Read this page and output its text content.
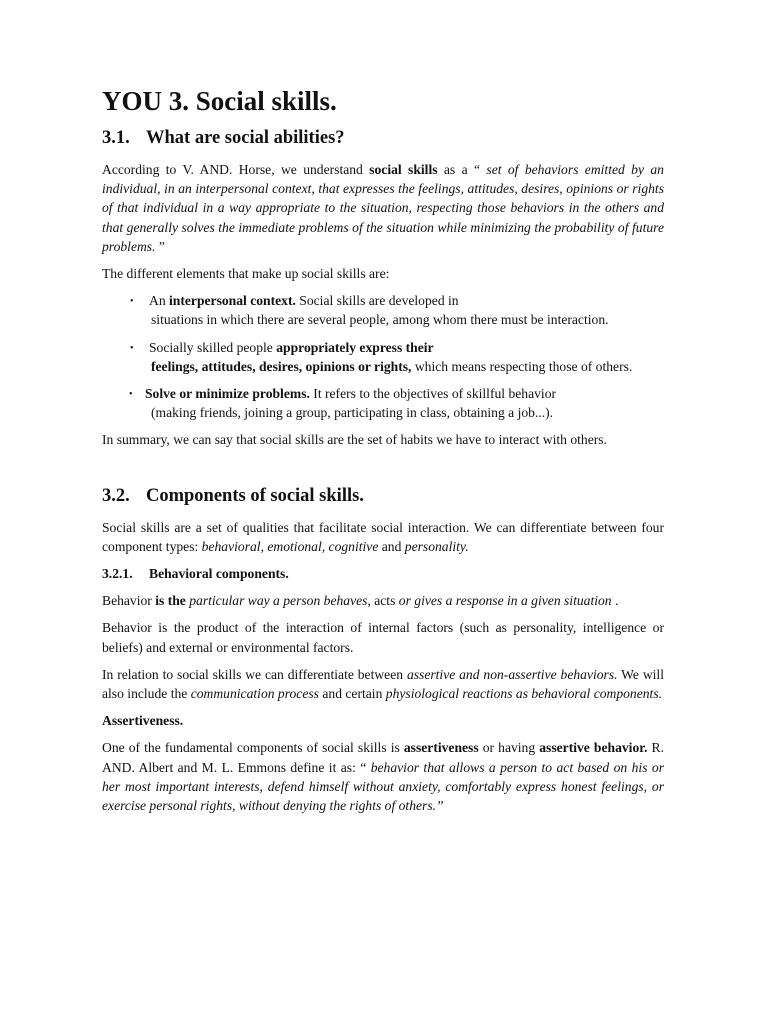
YOU 3. Social skills.
3.1. What are social abilities?

According to V. AND. Horse, we understand social skills as a “ set of behaviors emitted by an individual, in an interpersonal context, that expresses the feelings, attitudes, desires, opinions or rights of that individual in a way appropriate to the situation, respecting those behaviors in the others and that generally solves the immediate problems of the situation while minimizing the probability of future problems. ”

The different elements that make up social skills are:

•	An interpersonal context. Social skills are developed in
situations in which there are several people, among whom there must be interaction.
•	Socially skilled people appropriately express their
feelings, attitudes, desires, opinions or rights, which means respecting those of others.
• Solve or minimize problems. It refers to the objectives of skillful behavior
(making friends, joining a group, participating in class, obtaining a job...).

In summary, we can say that social skills are the set of habits we have to interact with others.

3.2. Components of social skills.

Social skills are a set of qualities that facilitate social interaction. We can differentiate between four component types: behavioral, emotional, cognitive and personality.

3.2.1. Behavioral components.

Behavior is the particular way a person behaves, acts or gives a response in a given situation .

Behavior is the product of the interaction of internal factors (such as personality, intelligence or beliefs) and external or environmental factors.

In relation to social skills we can differentiate between assertive and non-assertive behaviors. We will also include the communication process and certain physiological reactions as behavioral components.

Assertiveness.

One of the fundamental components of social skills is assertiveness or having assertive behavior. R. AND. Albert and M. L. Emmons define it as: “ behavior that allows a person to act based on his or her most important interests, defend himself without anxiety, comfortably express honest feelings, or exercise personal rights, without denying the rights of others.”
